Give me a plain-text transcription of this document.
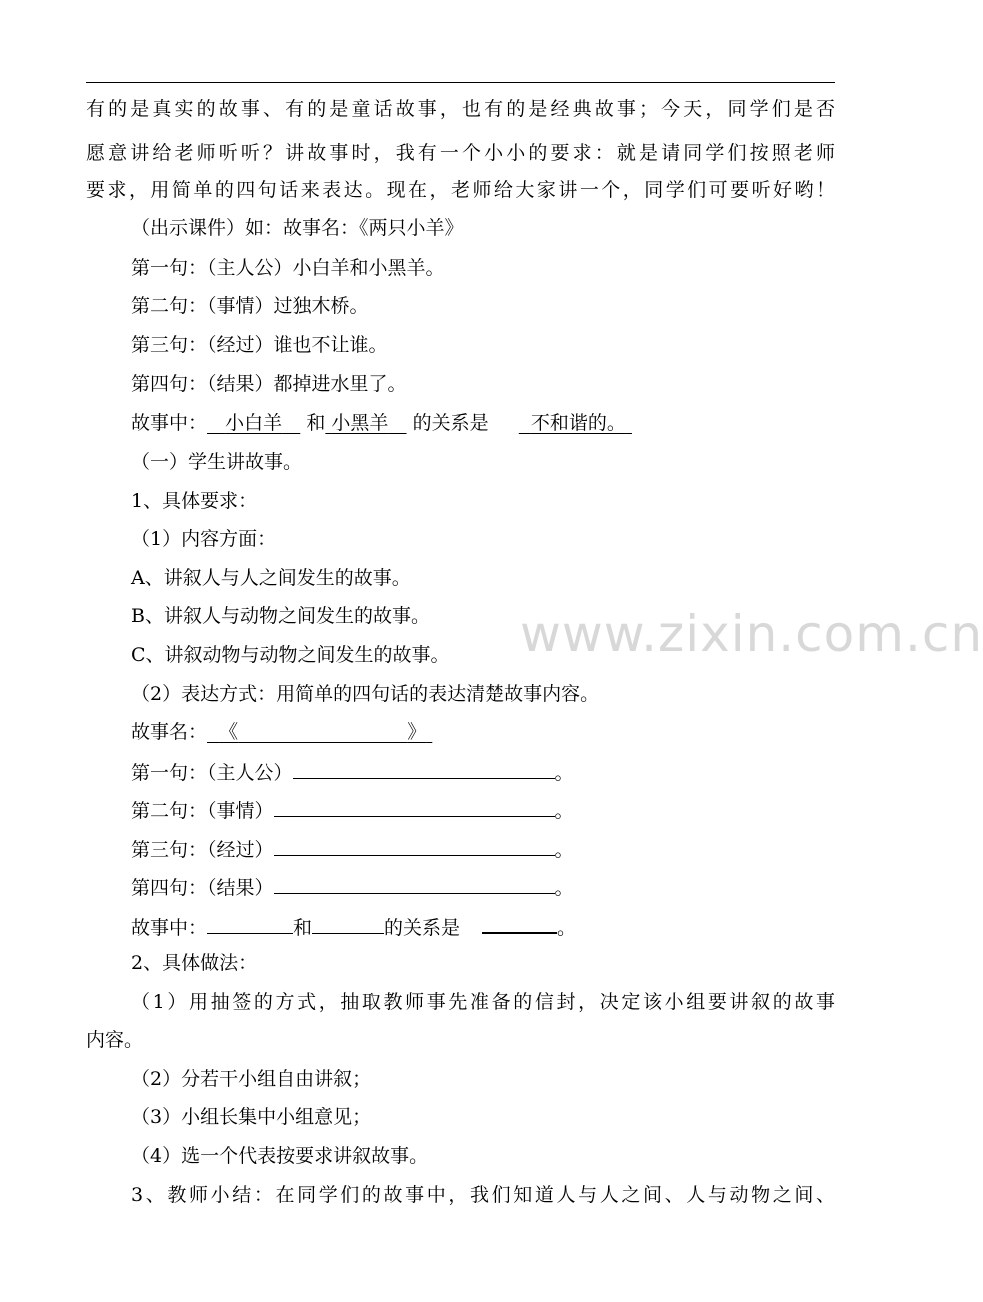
www.zixin.com.cn
有的是真实的故事、有的是童话故事，也有的是经典故事；今天，同学们是否
愿意讲给老师听听？讲故事时，我有一个小小的要求：就是请同学们按照老师
要求，用简单的四句话来表达。现在，老师给大家讲一个，同学们可要听好哟！
（出示课件）如：故事名：《两只小羊》
第一句：（主人公）小白羊和小黑羊。
第二句：（事情）过独木桥。
第三句：（经过）谁也不让谁。
第四句：（结果）都掉进水里了。
故事中： 小白羊 和 小黑羊 的关系是 不和谐的。
（一）学生讲故事。
1、具体要求：
（1）内容方面：
A、讲叙人与人之间发生的故事。
B、讲叙人与动物之间发生的故事。
C、讲叙动物与动物之间发生的故事。
（2）表达方式：用简单的四句话的表达清楚故事内容。
故事名： 《	》
第一句：（主人公）	。
第二句：（事情）	。
第三句：（经过）	。
第四句：（结果）	。
故事中：	和	的关系是	。
2、具体做法：
（1）用抽签的方式，抽取教师事先准备的信封，决定该小组要讲叙的故事
内容。
（2）分若干小组自由讲叙；
（3）小组长集中小组意见；
（4）选一个代表按要求讲叙故事。
3、教师小结：在同学们的故事中，我们知道人与人之间、人与动物之间、
